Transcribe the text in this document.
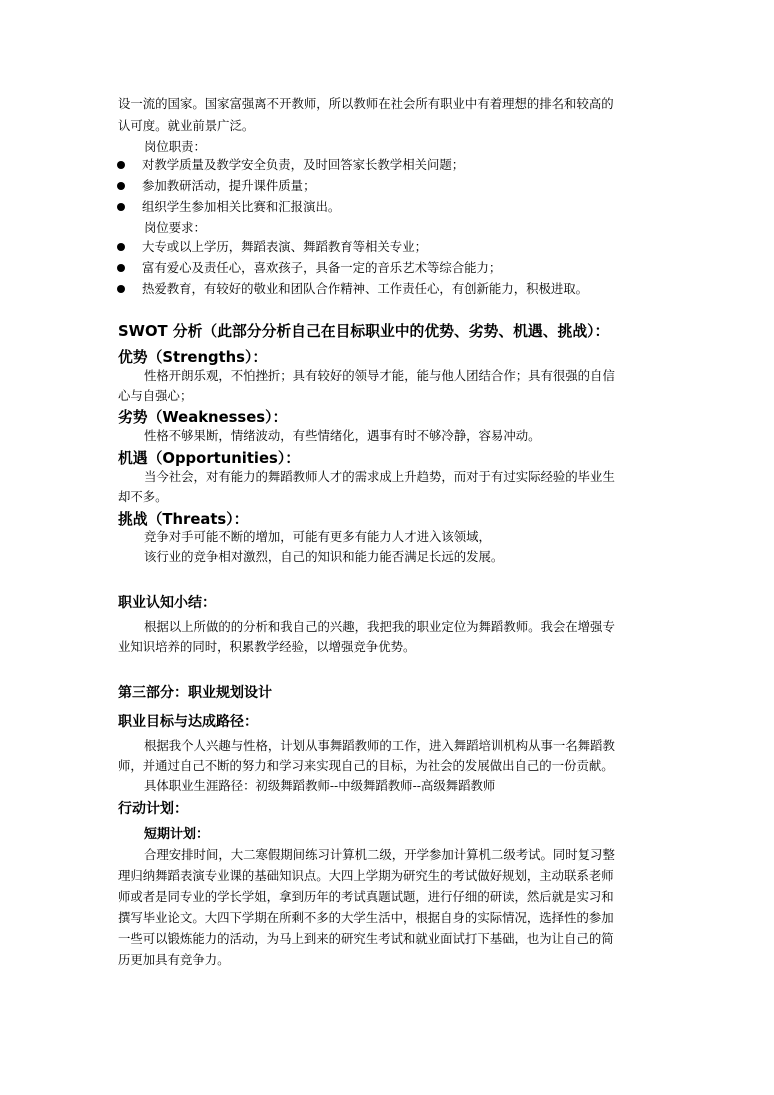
设一流的国家。国家富强离不开教师，所以教师在社会所有职业中有着理想的排名和较高的
认可度。就业前景广泛。
岗位职责：
对教学质量及教学安全负责，及时回答家长教学相关问题；
参加教研活动，提升课件质量；
组织学生参加相关比赛和汇报演出。
岗位要求：
大专或以上学历，舞蹈表演、舞蹈教育等相关专业；
富有爱心及责任心，喜欢孩子，具备一定的音乐艺术等综合能力；
热爱教育，有较好的敬业和团队合作精神、工作责任心，有创新能力，积极进取。
SWOT 分析（此部分分析自己在目标职业中的优势、劣势、机遇、挑战）：
优势（Strengths）：
性格开朗乐观，不怕挫折；具有较好的领导才能，能与他人团结合作；具有很强的自信
心与自强心；
劣势（Weaknesses）：
性格不够果断，情绪波动，有些情绪化，遇事有时不够冷静，容易冲动。
机遇（Opportunities）：
当今社会，对有能力的舞蹈教师人才的需求成上升趋势，而对于有过实际经验的毕业生
却不多。
挑战（Threats）：
竞争对手可能不断的增加，可能有更多有能力人才进入该领域，
该行业的竞争相对激烈，自己的知识和能力能否满足长远的发展。
职业认知小结：
根据以上所做的的分析和我自己的兴趣，我把我的职业定位为舞蹈教师。我会在增强专
业知识培养的同时，积累教学经验，以增强竞争优势。
第三部分：职业规划设计
职业目标与达成路径：
根据我个人兴趣与性格，计划从事舞蹈教师的工作，进入舞蹈培训机构从事一名舞蹈教
师，并通过自己不断的努力和学习来实现自己的目标，为社会的发展做出自己的一份贡献。
具体职业生涯路径：初级舞蹈教师--中级舞蹈教师--高级舞蹈教师
行动计划：
短期计划：
合理安排时间，大二寒假期间练习计算机二级，开学参加计算机二级考试。同时复习整
理归纳舞蹈表演专业课的基础知识点。大四上学期为研究生的考试做好规划，主动联系老师
师或者是同专业的学长学姐，拿到历年的考试真题试题，进行仔细的研读，然后就是实习和
撰写毕业论文。大四下学期在所剩不多的大学生活中，根据自身的实际情况，选择性的参加
一些可以锻炼能力的活动，为马上到来的研究生考试和就业面试打下基础，也为让自己的简
历更加具有竞争力。
